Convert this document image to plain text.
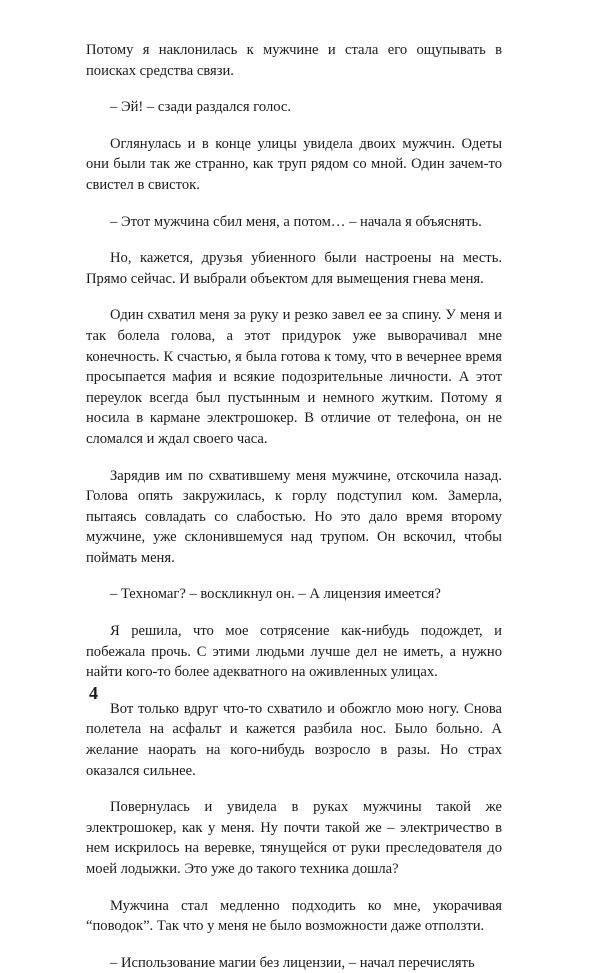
Потому я наклонилась к мужчине и стала его ощупывать в поисках средства связи.

– Эй! – сзади раздался голос.

Оглянулась и в конце улицы увидела двоих мужчин. Одеты они были так же странно, как труп рядом со мной. Один зачем-то свистел в свисток.

– Этот мужчина сбил меня, а потом… – начала я объяснять.

Но, кажется, друзья убиенного были настроены на месть. Прямо сейчас. И выбрали объектом для вымещения гнева меня.

Один схватил меня за руку и резко завел ее за спину. У меня и так болела голова, а этот придурок уже выворачивал мне конечность. К счастью, я была готова к тому, что в вечернее время просыпается мафия и всякие подозрительные личности. А этот переулок всегда был пустынным и немного жутким. Потому я носила в кармане электрошокер. В отличие от телефона, он не сломался и ждал своего часа.

Зарядив им по схватившему меня мужчине, отскочила назад. Голова опять закружилась, к горлу подступил ком. Замерла, пытаясь совладать со слабостью. Но это дало время второму мужчине, уже склонившемуся над трупом. Он вскочил, чтобы поймать меня.

– Техномаг? – воскликнул он. – А лицензия имеется?

Я решила, что мое сотрясение как-нибудь подождет, и побежала прочь. С этими людьми лучше дел не иметь, а нужно найти кого-то более адекватного на оживленных улицах.

Вот только вдруг что-то схватило и обожгло мою ногу. Снова полетела на асфальт и кажется разбила нос. Было больно. А желание наорать на кого-нибудь возросло в разы. Но страх оказался сильнее.

Повернулась и увидела в руках мужчины такой же электрошокер, как у меня. Ну почти такой же – электричество в нем искрилось на веревке, тянущейся от руки преследователя до моей лодыжки. Это уже до такого техника дошла?

Мужчина стал медленно подходить ко мне, укорачивая “поводок”. Так что у меня не было возможности даже отползти.

– Использование магии без лицензии, – начал перечислять

4
